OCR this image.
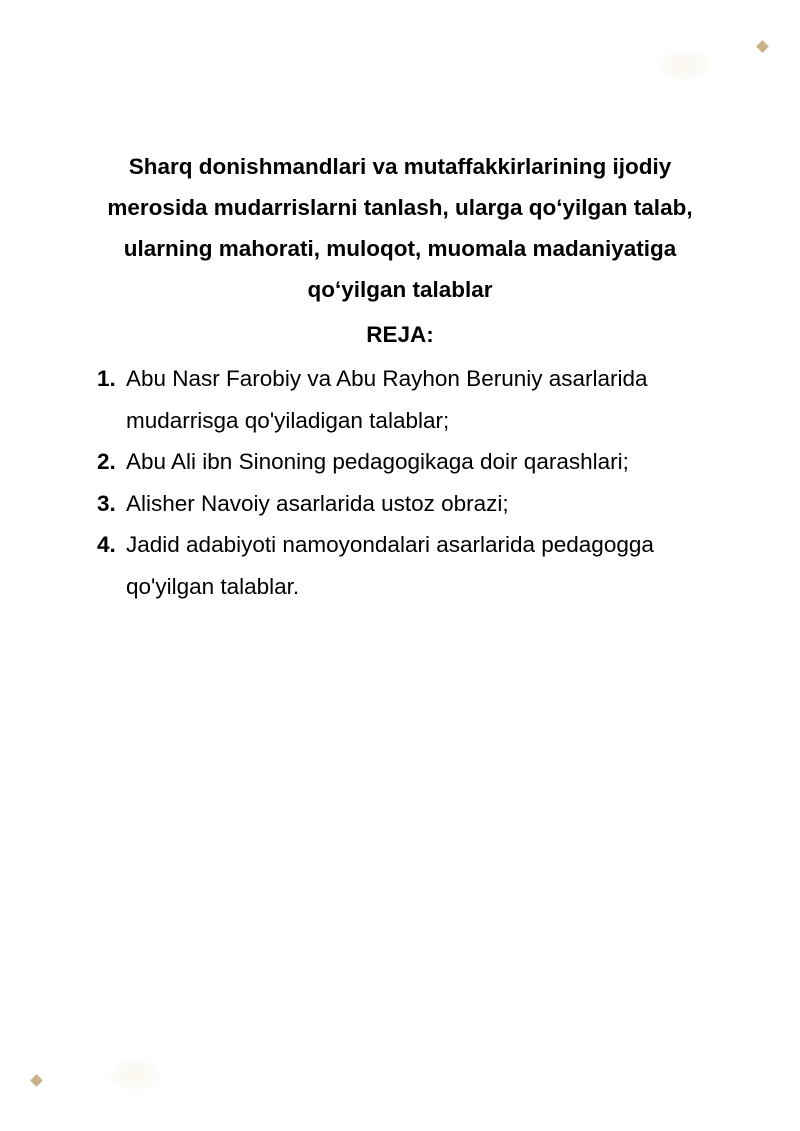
Sharq donishmandlari va mutaffakkirlarining ijodiy merosida mudarrislarni tanlash, ularga qo‘yilgan talab, ularning mahorati, muloqot, muomala madaniyatiga qo‘yilgan talablar
REJA:
1. Abu Nasr Farobiy va Abu Rayhon Beruniy asarlarida mudarrisga qo'yiladigan talablar;
2. Abu Ali ibn Sinoning pedagogikaga doir qarashlari;
3. Alisher Navoiy asarlarida ustoz obrazi;
4. Jadid adabiyoti namoyondalari asarlarida pedagogga qo'yilgan talablar.
